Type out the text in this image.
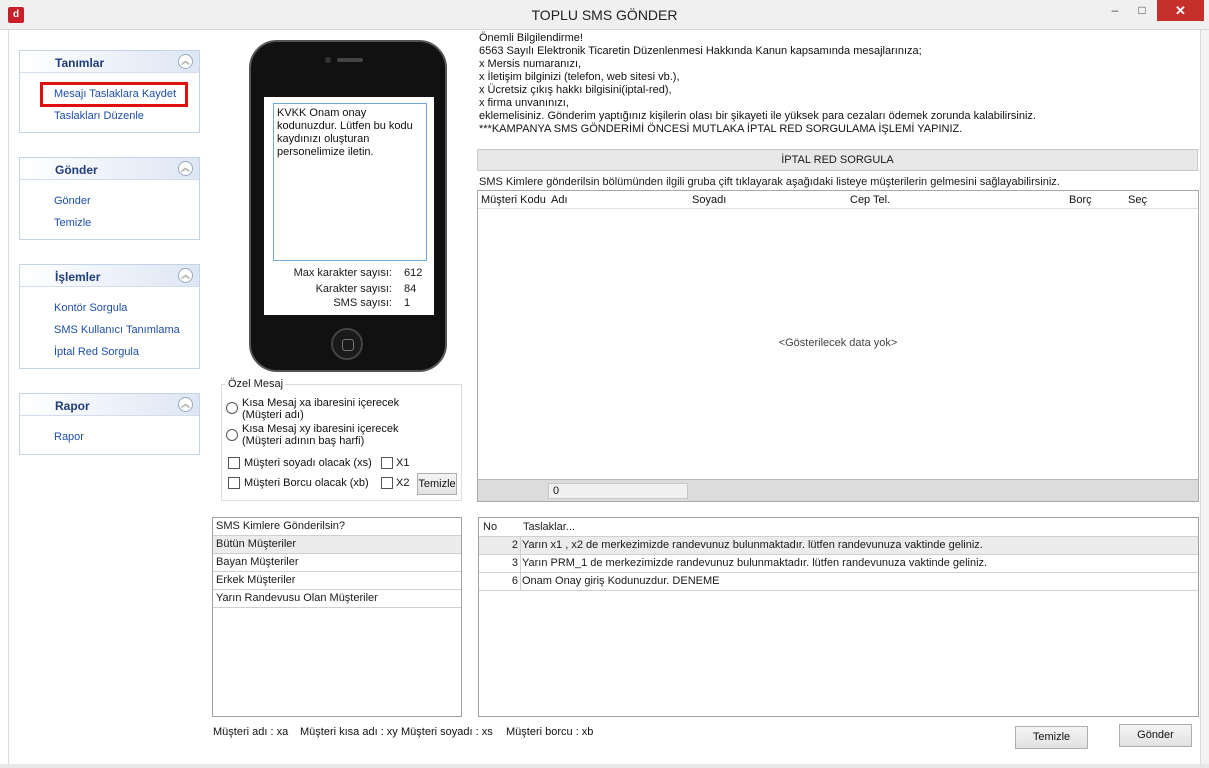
d	TOPLU SMS GÖNDER	–	□	✕
Tanımlar	︽
Mesajı Taslaklara Kaydet
Taslakları Düzenle
Gönder	︽
Gönder
Temizle
İşlemler	︽
Kontör Sorgula
SMS Kullanıcı Tanımlama
İptal Red Sorgula
Rapor	︽
Rapor
KVKK Onam onay kodunuzdur. Lütfen bu kodu kaydınızı oluşturan personelimize iletin.
Max karakter sayısı: 612
Karakter sayısı: 84
SMS sayısı: 1
Özel Mesaj
Kısa Mesaj xa ibaresini içerecek
(Müşteri adı)
Kısa Mesaj xy ibaresini içerecek
(Müşteri adının baş harfi)
Müşteri soyadı olacak (xs) X1
Müşteri Borcu olacak (xb) X2 Temizle
Önemli Bilgilendirme!
6563 Sayılı Elektronik Ticaretin Düzenlenmesi Hakkında Kanun kapsamında mesajlarınıza;
x Mersis numaranızı,
x İletişim bilginizi (telefon, web sitesi vb.),
x Ücretsiz çıkış hakkı bilgisini(iptal-red),
x firma unvanınızı,
eklemelisiniz. Gönderim yaptığınız kişilerin olası bir şikayeti ile yüksek para cezaları ödemek zorunda kalabilirsiniz.
***KAMPANYA SMS GÖNDERİMİ ÖNCESİ MUTLAKA İPTAL RED SORGULAMA İŞLEMİ YAPINIZ.
İPTAL RED SORGULA
SMS Kimlere gönderilsin bölümünden ilgili gruba çift tıklayarak aşağıdaki listeye müşterilerin gelmesini sağlayabilirsiniz.
Müşteri Kodu Adı	Soyadı	Cep Tel.	Borç	Seç
<Gösterilecek data yok>
0
SMS Kimlere Gönderilsin?
Bütün Müşteriler
Bayan Müşteriler
Erkek Müşteriler
Yarın Randevusu Olan Müşteriler
No Taslaklar...
2 Yarın x1 , x2 de merkezimizde randevunuz bulunmaktadır. lütfen randevunuza vaktinde geliniz.
3 Yarın PRM_1 de merkezimizde randevunuz bulunmaktadır. lütfen randevunuza vaktinde geliniz.
6 Onam Onay giriş Kodunuzdur. DENEME
Müşteri adı : xa Müşteri kısa adı : xy Müşteri soyadı : xs Müşteri borcu : xb	Temizle	Gönder
